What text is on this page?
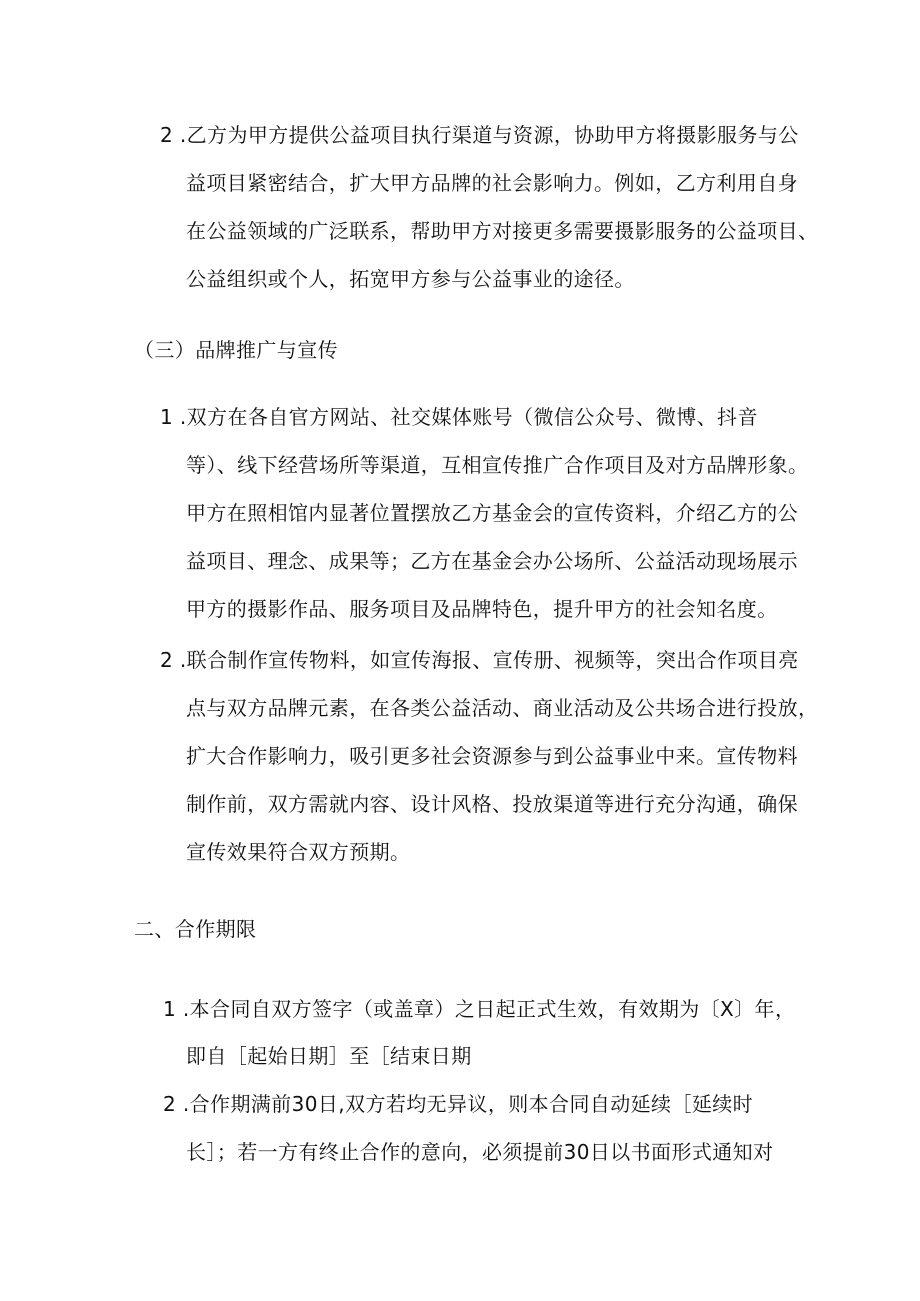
2 .乙方为甲方提供公益项目执行渠道与资源，协助甲方将摄影服务与公
益项目紧密结合，扩大甲方品牌的社会影响力。例如，乙方利用自身
在公益领域的广泛联系，帮助甲方对接更多需要摄影服务的公益项目、
公益组织或个人，拓宽甲方参与公益事业的途径。
（三）品牌推广与宣传
1 .双方在各自官方网站、社交媒体账号（微信公众号、微博、抖音
等）、线下经营场所等渠道，互相宣传推广合作项目及对方品牌形象。
甲方在照相馆内显著位置摆放乙方基金会的宣传资料，介绍乙方的公
益项目、理念、成果等；乙方在基金会办公场所、公益活动现场展示
甲方的摄影作品、服务项目及品牌特色，提升甲方的社会知名度。
2 .联合制作宣传物料，如宣传海报、宣传册、视频等，突出合作项目亮
点与双方品牌元素，在各类公益活动、商业活动及公共场合进行投放，
扩大合作影响力，吸引更多社会资源参与到公益事业中来。宣传物料
制作前，双方需就内容、设计风格、投放渠道等进行充分沟通，确保
宣传效果符合双方预期。
二、合作期限
1 .本合同自双方签字（或盖章）之日起正式生效，有效期为〔X〕年，
即自［起始日期］至［结束日期
2 .合作期满前30日,双方若均无异议，则本合同自动延续［延续时
长］；若一方有终止合作的意向，必须提前30日以书面形式通知对
